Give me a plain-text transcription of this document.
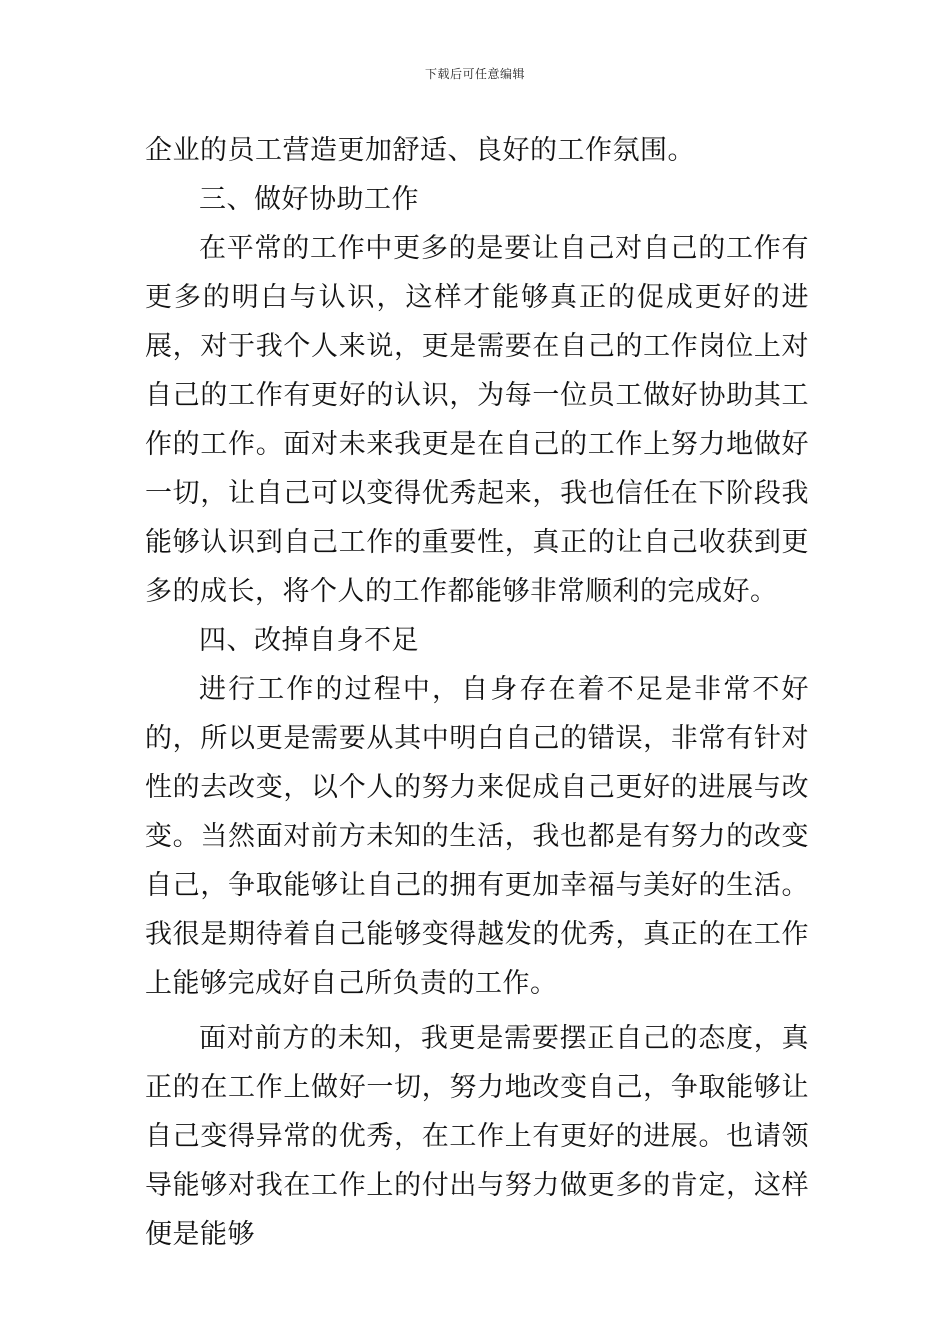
下载后可任意编辑

企业的员工营造更加舒适、良好的工作氛围。

三、做好协助工作

在平常的工作中更多的是要让自己对自己的工作有更多的明白与认识，这样才能够真正的促成更好的进展，对于我个人来说，更是需要在自己的工作岗位上对自己的工作有更好的认识，为每一位员工做好协助其工作的工作。面对未来我更是在自己的工作上努力地做好一切，让自己可以变得优秀起来，我也信任在下阶段我能够认识到自己工作的重要性，真正的让自己收获到更多的成长，将个人的工作都能够非常顺利的完成好。

四、改掉自身不足

进行工作的过程中，自身存在着不足是非常不好的，所以更是需要从其中明白自己的错误，非常有针对性的去改变，以个人的努力来促成自己更好的进展与改变。当然面对前方未知的生活，我也都是有努力的改变自己，争取能够让自己的拥有更加幸福与美好的生活。我很是期待着自己能够变得越发的优秀，真正的在工作上能够完成好自己所负责的工作。

面对前方的未知，我更是需要摆正自己的态度，真正的在工作上做好一切，努力地改变自己，争取能够让自己变得异常的优秀，在工作上有更好的进展。也请领导能够对我在工作上的付出与努力做更多的肯定，这样便是能够
